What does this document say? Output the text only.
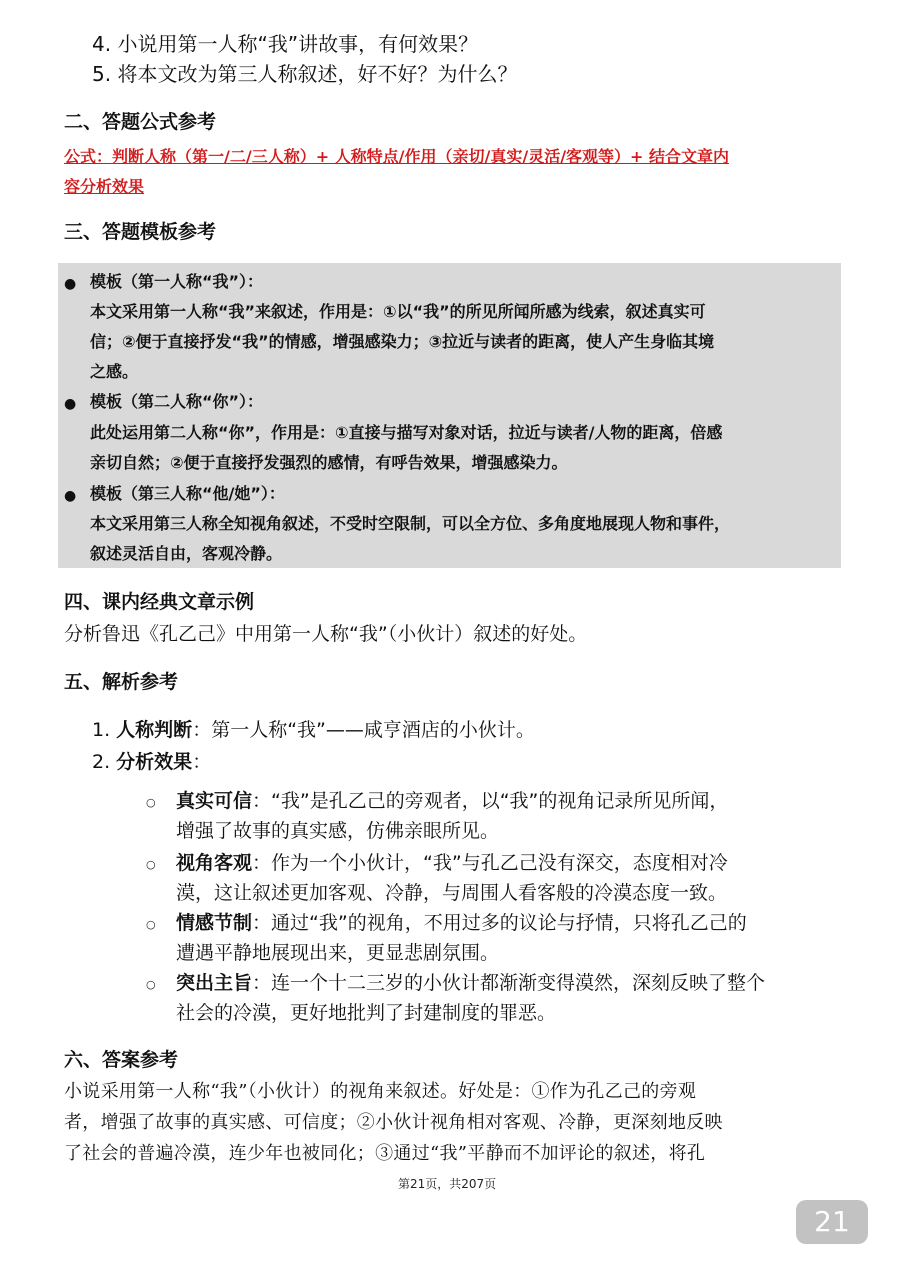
4. 小说用第一人称“我”讲故事，有何效果？
5. 将本文改为第三人称叙述，好不好？为什么？
二、答题公式参考
公式：判断人称（第一/二/三人称）+ 人称特点/作用（亲切/真实/灵活/客观等）+ 结合文章内
容分析效果
三、答题模板参考
● 模板（第一人称“我”）：
本文采用第一人称“我”来叙述，作用是：①以“我”的所见所闻所感为线索，叙述真实可
信；②便于直接抒发“我”的情感，增强感染力；③拉近与读者的距离，使人产生身临其境
之感。
● 模板（第二人称“你”）：
此处运用第二人称“你”，作用是：①直接与描写对象对话，拉近与读者/人物的距离，倍感
亲切自然；②便于直接抒发强烈的感情，有呼告效果，增强感染力。
● 模板（第三人称“他/她”）：
本文采用第三人称全知视角叙述，不受时空限制，可以全方位、多角度地展现人物和事件，
叙述灵活自由，客观冷静。
四、课内经典文章示例
分析鲁迅《孔乙己》中用第一人称“我”（小伙计）叙述的好处。
五、解析参考
1. 人称判断：第一人称“我”——咸亨酒店的小伙计。
2. 分析效果：
○ 真实可信：“我”是孔乙己的旁观者，以“我”的视角记录所见所闻，
增强了故事的真实感，仿佛亲眼所见。
○ 视角客观：作为一个小伙计，“我”与孔乙己没有深交，态度相对冷
漠，这让叙述更加客观、冷静，与周围人看客般的冷漠态度一致。
○ 情感节制：通过“我”的视角，不用过多的议论与抒情，只将孔乙己的
遭遇平静地展现出来，更显悲剧氛围。
○ 突出主旨：连一个十二三岁的小伙计都渐渐变得漠然，深刻反映了整个
社会的冷漠，更好地批判了封建制度的罪恶。
六、答案参考
小说采用第一人称“我”（小伙计）的视角来叙述。好处是：①作为孔乙己的旁观
者，增强了故事的真实感、可信度；②小伙计视角相对客观、冷静，更深刻地反映
了社会的普遍冷漠，连少年也被同化；③通过“我”平静而不加评论的叙述，将孔
第21页，共207页
21
